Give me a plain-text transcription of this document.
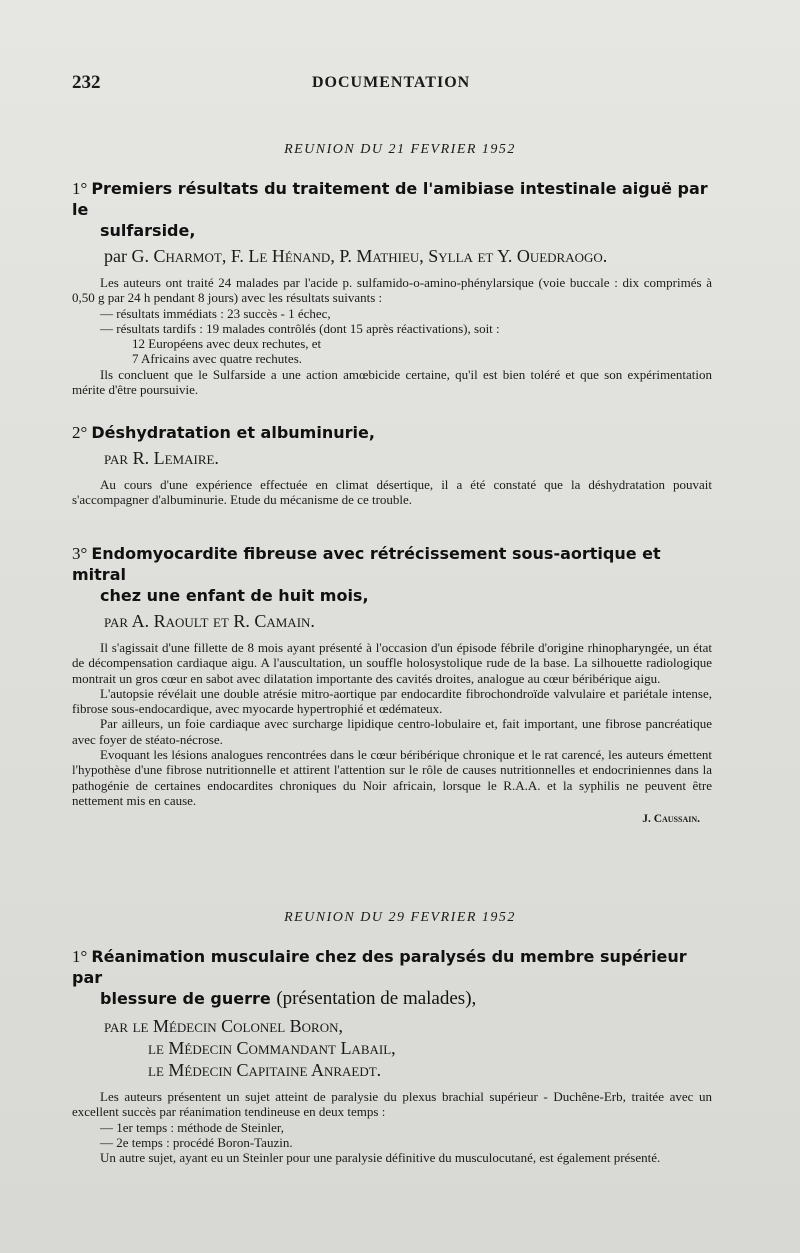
232	DOCUMENTATION
REUNION DU 21 FEVRIER 1952
1° Premiers résultats du traitement de l'amibiase intestinale aiguë par le
sulfarside,
par G. Charmot, F. Le Hénand, P. Mathieu, Sylla et Y. Ouedraogo.

Les auteurs ont traité 24 malades par l'acide p. sulfamido-o-amino-phénylarsique (voie buccale : dix comprimés à 0,50 g par 24 h pendant 8 jours) avec les résultats suivants :

— résultats immédiats : 23 succès - 1 échec,

— résultats tardifs : 19 malades contrôlés (dont 15 après réactivations), soit :

12 Européens avec deux rechutes, et

7 Africains avec quatre rechutes.

Ils concluent que le Sulfarside a une action amœbicide certaine, qu'il est bien toléré et que son expérimentation mérite d'être poursuivie.

2° Déshydratation et albuminurie,
par R. Lemaire.

Au cours d'une expérience effectuée en climat désertique, il a été constaté que la déshydratation pouvait s'accompagner d'albuminurie. Etude du mécanisme de ce trouble.

3° Endomyocardite fibreuse avec rétrécissement sous-aortique et mitral
chez une enfant de huit mois,
par A. Raoult et R. Camain.

Il s'agissait d'une fillette de 8 mois ayant présenté à l'occasion d'un épisode fébrile d'origine rhinopharyngée, un état de décompensation cardiaque aigu. A l'auscultation, un souffle holosystolique rude de la base. La silhouette radiologique montrait un gros cœur en sabot avec dilatation importante des cavités droites, analogue au cœur béribérique aigu.

L'autopsie révélait une double atrésie mitro-aortique par endocardite fibrochondroïde valvulaire et pariétale intense, fibrose sous-endocardique, avec myocarde hypertrophié et œdémateux.

Par ailleurs, un foie cardiaque avec surcharge lipidique centro-lobulaire et, fait important, une fibrose pancréatique avec foyer de stéato-nécrose.

Evoquant les lésions analogues rencontrées dans le cœur béribérique chronique et le rat carencé, les auteurs émettent l'hypothèse d'une fibrose nutritionnelle et attirent l'attention sur le rôle de causes nutritionnelles et endocriniennes dans la pathogénie de certaines endocardites chroniques du Noir africain, lorsque le R.A.A. et la syphilis ne peuvent être nettement mis en cause.

J. Caussain.
REUNION DU 29 FEVRIER 1952
1° Réanimation musculaire chez des paralysés du membre supérieur par
blessure de guerre (présentation de malades),
par le Médecin Colonel Boron,
le Médecin Commandant Labail,
le Médecin Capitaine Anraedt.

Les auteurs présentent un sujet atteint de paralysie du plexus brachial supérieur - Duchêne-Erb, traitée avec un excellent succès par réanimation tendineuse en deux temps :

— 1er temps : méthode de Steinler,

— 2e temps : procédé Boron-Tauzin.

Un autre sujet, ayant eu un Steinler pour une paralysie définitive du musculocutané, est également présenté.
